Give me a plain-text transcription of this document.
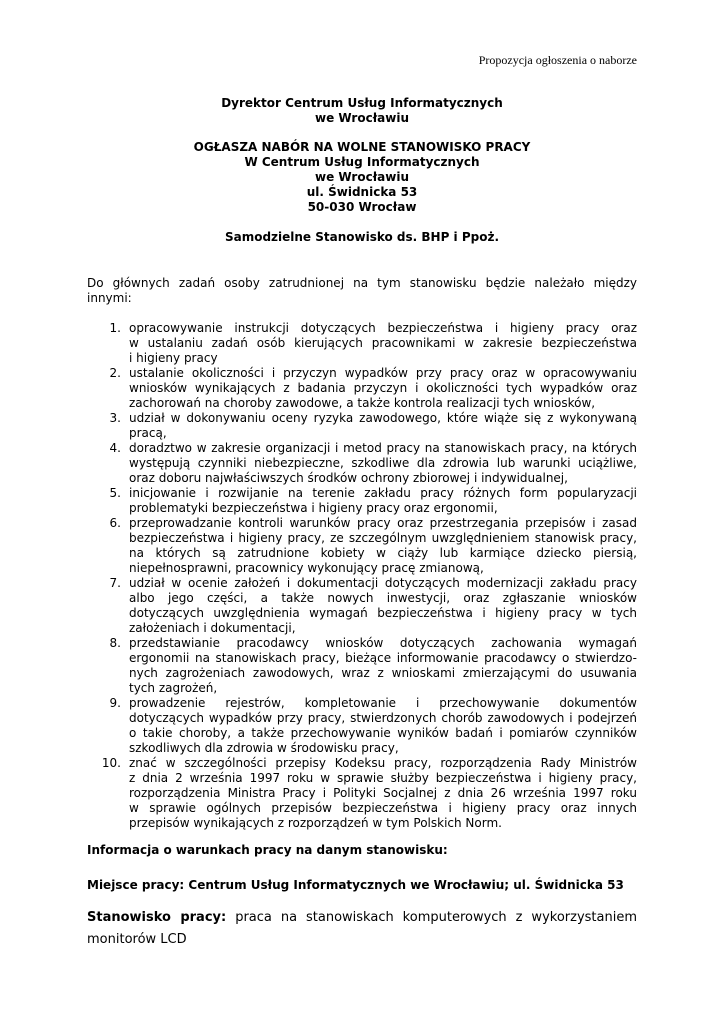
Propozycja ogłoszenia o naborze
Dyrektor Centrum Usług Informatycznych
we Wrocławiu
OGŁASZA NABÓR NA WOLNE STANOWISKO PRACY
W Centrum Usług Informatycznych
we Wrocławiu
ul. Świdnicka 53
50-030 Wrocław
Samodzielne Stanowisko ds. BHP i Ppoż.
Do głównych zadań osoby zatrudnionej na tym stanowisku będzie należało między
innymi:
1. opracowywanie instrukcji dotyczących bezpieczeństwa i higieny pracy oraz
w ustalaniu zadań osób kierujących pracownikami w zakresie bezpieczeństwa
i higieny pracy
2. ustalanie okoliczności i przyczyn wypadków przy pracy oraz w opracowywaniu
wniosków wynikających z badania przyczyn i okoliczności tych wypadków oraz
zachorowań na choroby zawodowe, a także kontrola realizacji tych wniosków,
3. udział w dokonywaniu oceny ryzyka zawodowego, które wiąże się z wykonywaną
pracą,
4. doradztwo w zakresie organizacji i metod pracy na stanowiskach pracy, na których
występują czynniki niebezpieczne, szkodliwe dla zdrowia lub warunki uciążliwe,
oraz doboru najwłaściwszych środków ochrony zbiorowej i indywidualnej,
5. inicjowanie i rozwijanie na terenie zakładu pracy różnych form popularyzacji
problematyki bezpieczeństwa i higieny pracy oraz ergonomii,
6. przeprowadzanie kontroli warunków pracy oraz przestrzegania przepisów i zasad
bezpieczeństwa i higieny pracy, ze szczególnym uwzględnieniem stanowisk pracy,
na których są zatrudnione kobiety w ciąży lub karmiące dziecko piersią,
niepełnosprawni, pracownicy wykonujący pracę zmianową,
7. udział w ocenie założeń i dokumentacji dotyczących modernizacji zakładu pracy
albo jego części, a także nowych inwestycji, oraz zgłaszanie wniosków
dotyczących uwzględnienia wymagań bezpieczeństwa i higieny pracy w tych
założeniach i dokumentacji,
8. przedstawianie pracodawcy wniosków dotyczących zachowania wymagań
ergonomii na stanowiskach pracy, bieżące informowanie pracodawcy o stwierdzo-
nych zagrożeniach zawodowych, wraz z wnioskami zmierzającymi do usuwania
tych zagrożeń,
9. prowadzenie rejestrów, kompletowanie i przechowywanie dokumentów
dotyczących wypadków przy pracy, stwierdzonych chorób zawodowych i podejrzeń
o takie choroby, a także przechowywanie wyników badań i pomiarów czynników
szkodliwych dla zdrowia w środowisku pracy,
10. znać w szczególności przepisy Kodeksu pracy, rozporządzenia Rady Ministrów
z dnia 2 września 1997 roku w sprawie służby bezpieczeństwa i higieny pracy,
rozporządzenia Ministra Pracy i Polityki Socjalnej z dnia 26 września 1997 roku
w sprawie ogólnych przepisów bezpieczeństwa i higieny pracy oraz innych
przepisów wynikających z rozporządzeń w tym Polskich Norm.
Informacja o warunkach pracy na danym stanowisku:
Miejsce pracy: Centrum Usług Informatycznych we Wrocławiu; ul. Świdnicka 53
Stanowisko pracy: praca na stanowiskach komputerowych z wykorzystaniem
monitorów LCD
